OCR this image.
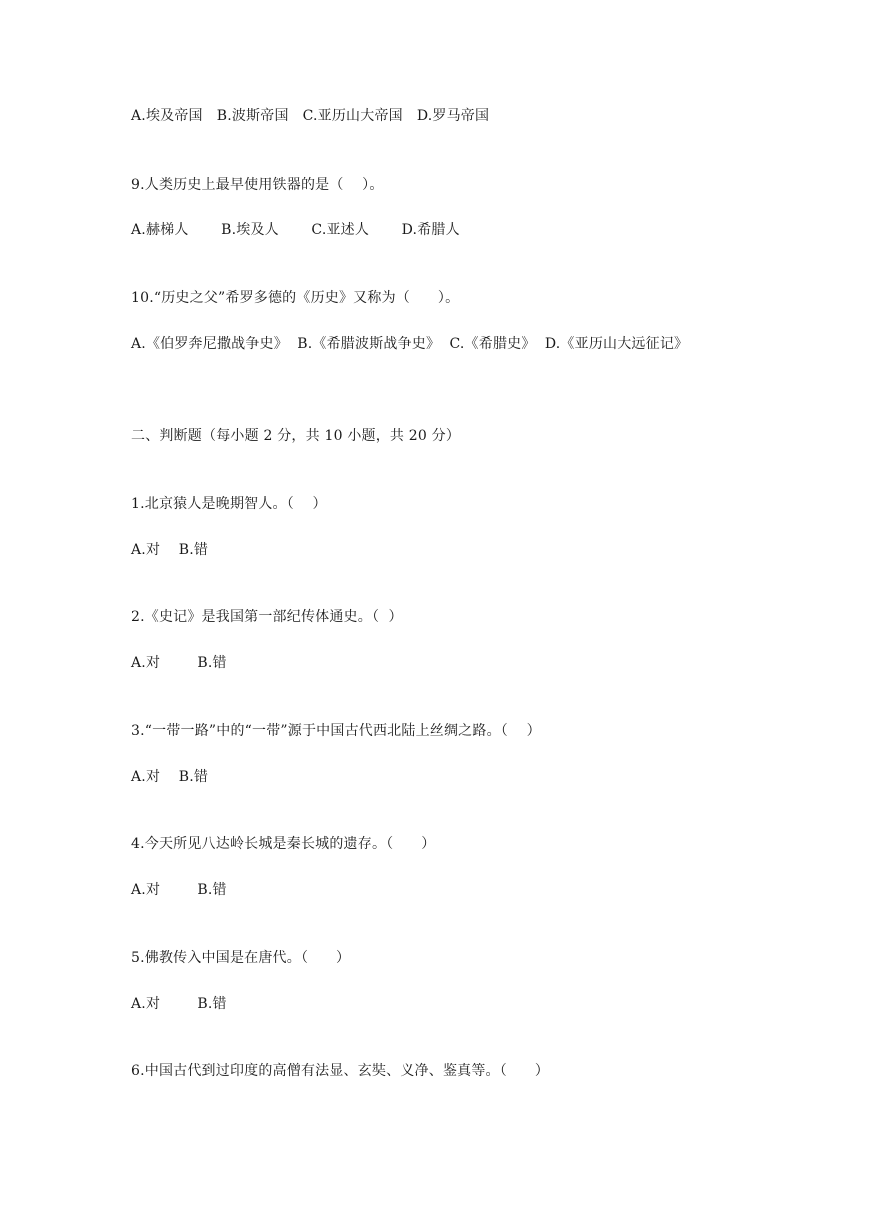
A.埃及帝国   B.波斯帝国   C.亚历山大帝国   D.罗马帝国
9.人类历史上最早使用铁器的是（    ）。
A.赫梯人       B.埃及人       C.亚述人       D.希腊人
10.“历史之父”希罗多德的《历史》又称为（      ）。
A.《伯罗奔尼撒战争史》  B.《希腊波斯战争史》  C.《希腊史》  D.《亚历山大远征记》
二、判断题（每小题 2 分，共 10 小题，共 20 分）
1.北京猿人是晚期智人。（    ）
A.对    B.错
2.《史记》是我国第一部纪传体通史。（  ）
A.对        B.错
3.“一带一路”中的“一带”源于中国古代西北陆上丝绸之路。（    ）
A.对    B.错
4.今天所见八达岭长城是秦长城的遗存。（      ）
A.对        B.错
5.佛教传入中国是在唐代。（      ）
A.对        B.错
6.中国古代到过印度的高僧有法显、玄奘、义净、鉴真等。（      ）
